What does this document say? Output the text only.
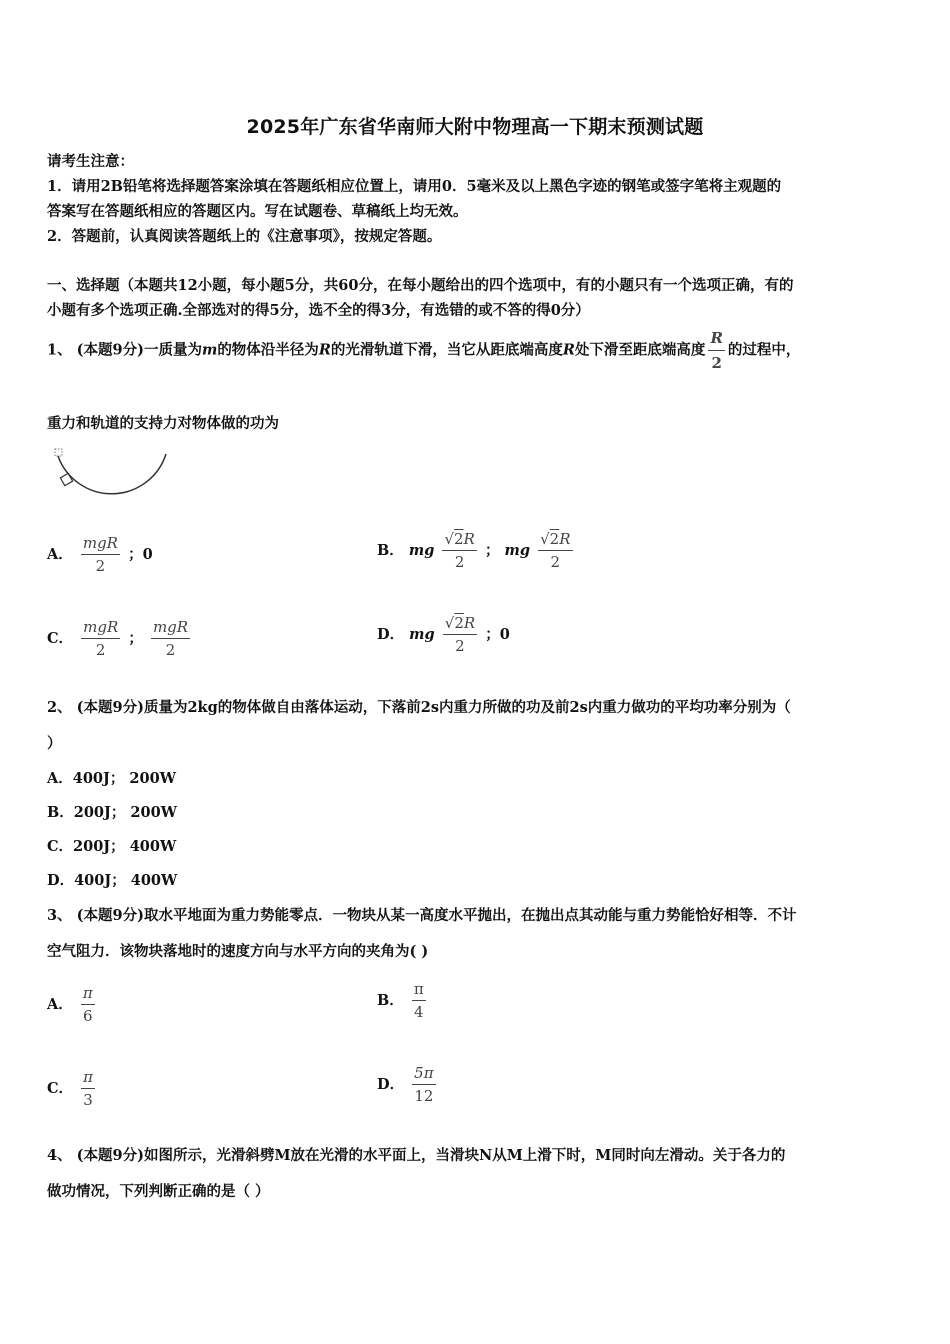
2025年广东省华南师大附中物理高一下期末预测试题
请考生注意：
1．请用2B铅笔将选择题答案涂填在答题纸相应位置上，请用0．5毫米及以上黑色字迹的钢笔或签字笔将主观题的
答案写在答题纸相应的答题区内。写在试题卷、草稿纸上均无效。
2．答题前，认真阅读答题纸上的《注意事项》，按规定答题。
一、选择题（本题共12小题，每小题5分，共60分，在每小题给出的四个选项中，有的小题只有一个选项正确，有的
小题有多个选项正确.全部选对的得5分，选不全的得3分，有选错的或不答的得0分）
1、 (本题9分)一质量为m的物体沿半径为R的光滑轨道下滑，当它从距底端高度R处下滑至距底端高度 $\frac{R}{2}$ 的过程中，
重力和轨道的支持力对物体做的功为
A． $\frac{\text{mgR}}{2}$ ；0	B． mg $\frac{√2R}{2}$ ； mg $\frac{√2R}{2}$
C． $\frac{\text{mgR}}{2}$ ； $\frac{\text{mgR}}{2}$	D． mg $\frac{√2R}{2}$ ；0
2、 (本题9分)质量为2kg的物体做自由落体运动，下落前2s内重力所做的功及前2s内重力做功的平均功率分别为（
）
A．400J； 200W
B．200J； 200W
C．200J； 400W
D．400J； 400W
3、 (本题9分)取水平地面为重力势能零点．一物块从某一高度水平抛出，在抛出点其动能与重力势能恰好相等．不计
空气阻力．该物块落地时的速度方向与水平方向的夹角为( )
A． $\frac{\pi}{6}$	B． $\frac{\pi}{4}$
C． $\frac{\pi}{3}$	D． $\frac{5\pi}{12}$
4、 (本题9分)如图所示，光滑斜劈M放在光滑的水平面上，当滑块N从M上滑下时，M同时向左滑动。关于各力的
做功情况，下列判断正确的是（ ）
